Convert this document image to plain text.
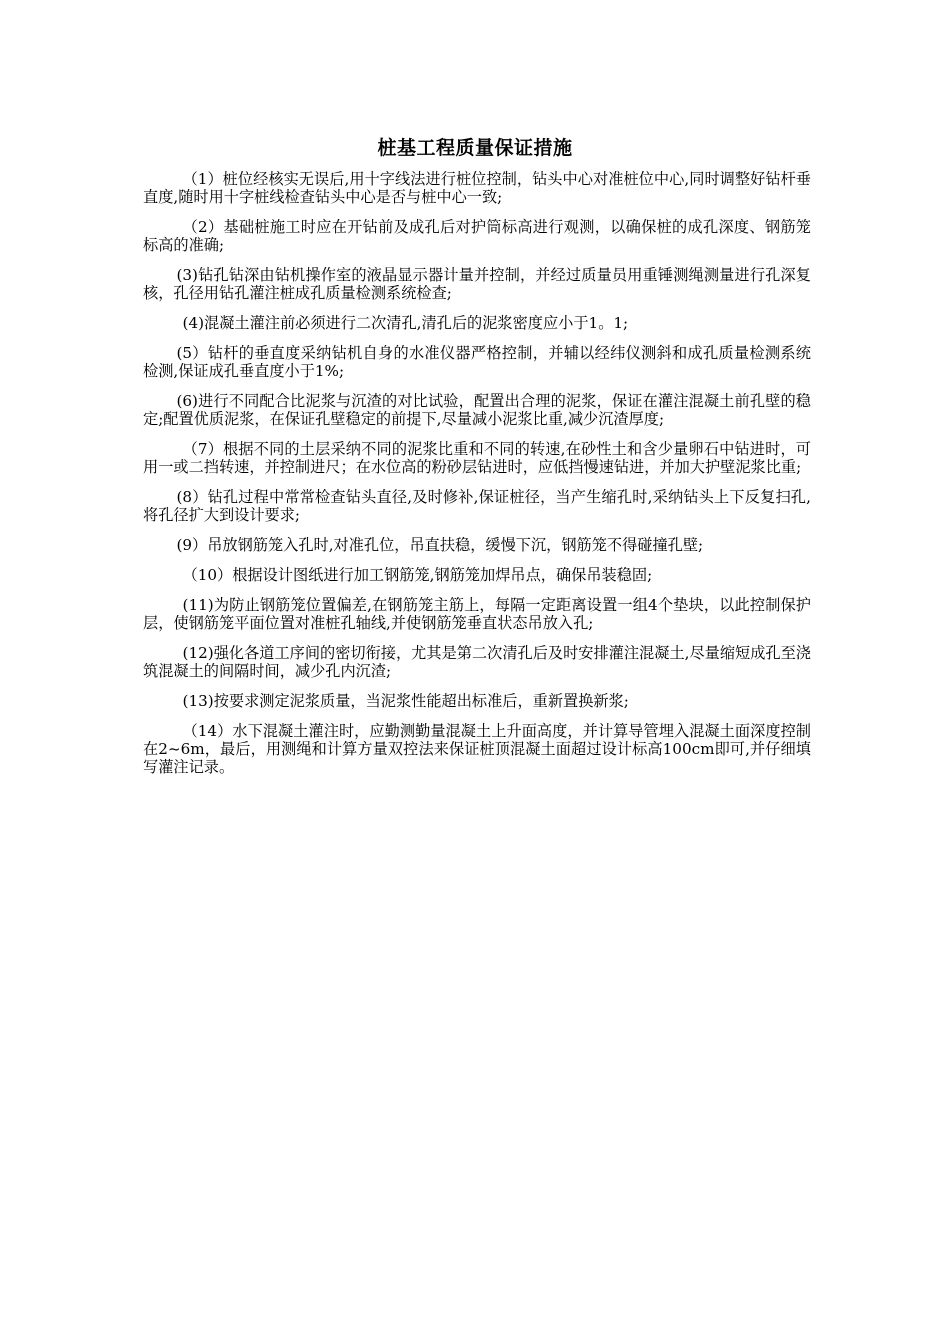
桩基工程质量保证措施

（1）桩位经核实无误后,用十字线法进行桩位控制，钻头中心对准桩位中心,同时调整好钻杆垂直度,随时用十字桩线检查钻头中心是否与桩中心一致;

（2）基础桩施工时应在开钻前及成孔后对护筒标高进行观测，以确保桩的成孔深度、钢筋笼标高的准确;

(3)钻孔钻深由钻机操作室的液晶显示器计量并控制，并经过质量员用重锤测绳测量进行孔深复核，孔径用钻孔灌注桩成孔质量检测系统检查;

(4)混凝土灌注前必须进行二次清孔,清孔后的泥浆密度应小于1。1;

(5）钻杆的垂直度采纳钻机自身的水准仪器严格控制，并辅以经纬仪测斜和成孔质量检测系统检测,保证成孔垂直度小于1%;

(6)进行不同配合比泥浆与沉渣的对比试验，配置出合理的泥浆，保证在灌注混凝土前孔壁的稳定;配置优质泥浆，在保证孔壁稳定的前提下,尽量减小泥浆比重,减少沉渣厚度;

（7）根据不同的土层采纳不同的泥浆比重和不同的转速,在砂性土和含少量卵石中钻进时，可用一或二挡转速，并控制进尺；在水位高的粉砂层钻进时，应低挡慢速钻进，并加大护壁泥浆比重;

(8）钻孔过程中常常检查钻头直径,及时修补,保证桩径，当产生缩孔时,采纳钻头上下反复扫孔,将孔径扩大到设计要求;

(9）吊放钢筋笼入孔时,对准孔位，吊直扶稳，缓慢下沉，钢筋笼不得碰撞孔壁;

（10）根据设计图纸进行加工钢筋笼,钢筋笼加焊吊点，确保吊装稳固;

(11)为防止钢筋笼位置偏差,在钢筋笼主筋上，每隔一定距离设置一组4个垫块，以此控制保护层，使钢筋笼平面位置对准桩孔轴线,并使钢筋笼垂直状态吊放入孔;

(12)强化各道工序间的密切衔接，尤其是第二次清孔后及时安排灌注混凝土,尽量缩短成孔至浇筑混凝土的间隔时间，减少孔内沉渣;

(13)按要求测定泥浆质量，当泥浆性能超出标准后，重新置换新浆;

（14）水下混凝土灌注时，应勤测勤量混凝土上升面高度，并计算导管埋入混凝土面深度控制在2~6m，最后，用测绳和计算方量双控法来保证桩顶混凝土面超过设计标高100cm即可,并仔细填写灌注记录。
